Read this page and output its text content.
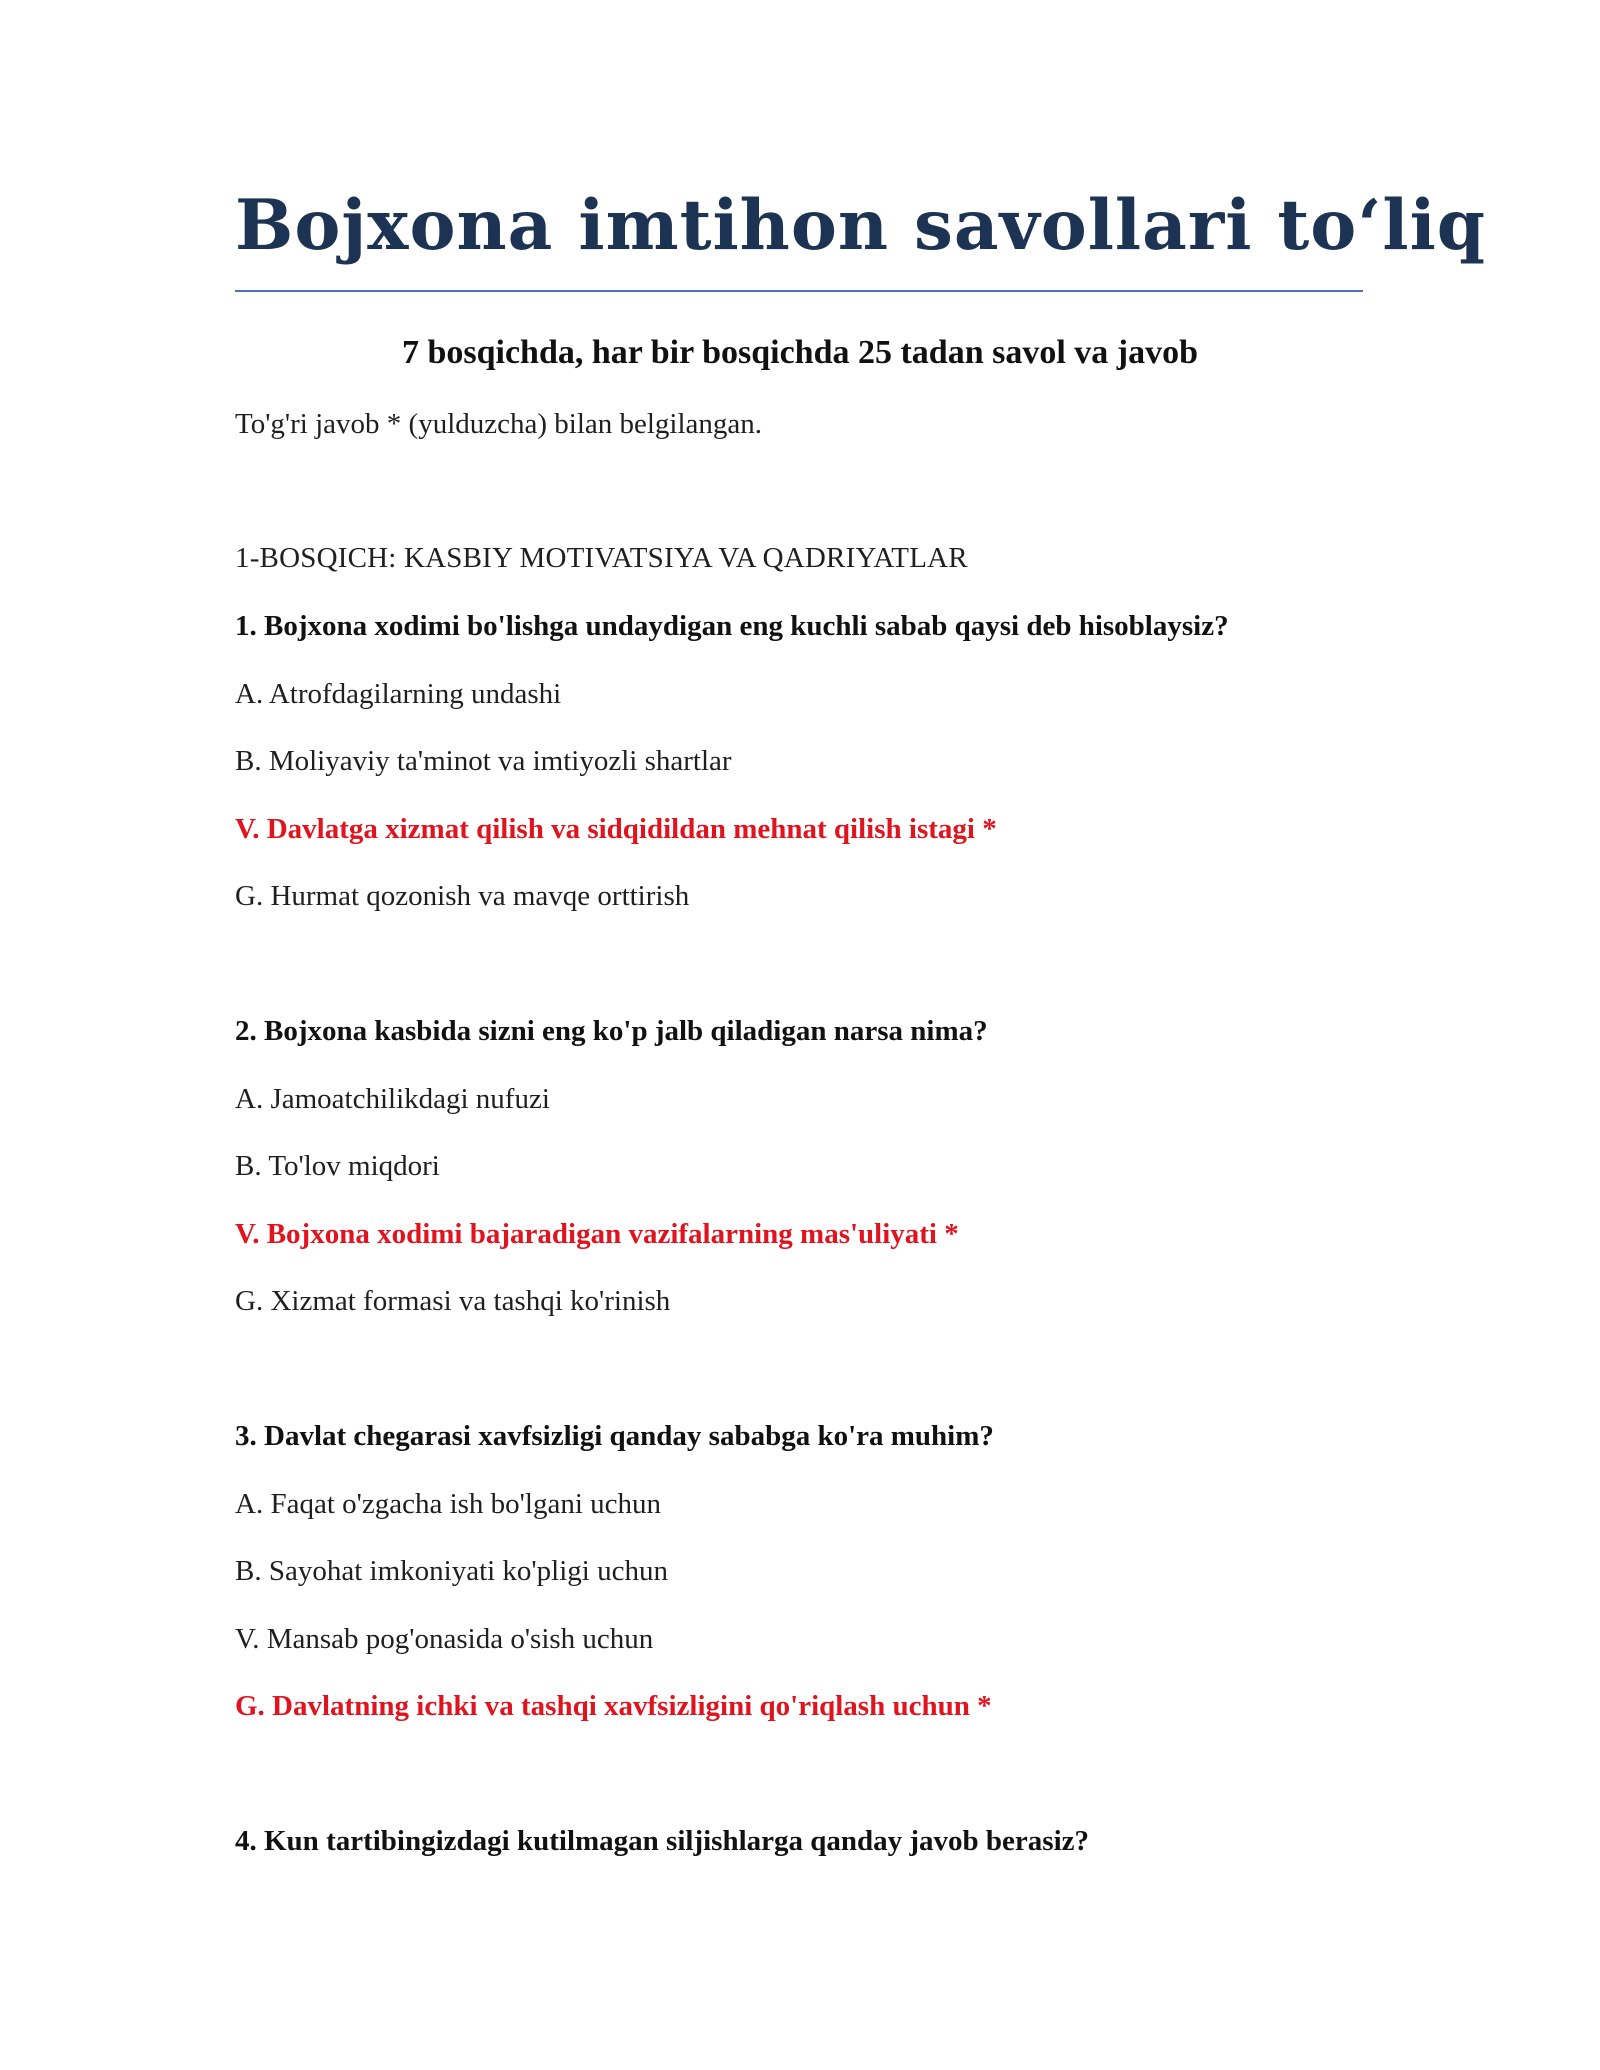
Bojxona imtihon savollari to‘liq

7 bosqichda, har bir bosqichda 25 tadan savol va javob

To'g'ri javob * (yulduzcha) bilan belgilangan.

1-BOSQICH: KASBIY MOTIVATSIYA VA QADRIYATLAR

1. Bojxona xodimi bo'lishga undaydigan eng kuchli sabab qaysi deb hisoblaysiz?

A. Atrofdagilarning undashi

B. Moliyaviy ta'minot va imtiyozli shartlar

V. Davlatga xizmat qilish va sidqidildan mehnat qilish istagi *

G. Hurmat qozonish va mavqe orttirish

2. Bojxona kasbida sizni eng ko'p jalb qiladigan narsa nima?

A. Jamoatchilikdagi nufuzi

B. To'lov miqdori

V. Bojxona xodimi bajaradigan vazifalarning mas'uliyati *

G. Xizmat formasi va tashqi ko'rinish

3. Davlat chegarasi xavfsizligi qanday sababga ko'ra muhim?

A. Faqat o'zgacha ish bo'lgani uchun

B. Sayohat imkoniyati ko'pligi uchun

V. Mansab pog'onasida o'sish uchun

G. Davlatning ichki va tashqi xavfsizligini qo'riqlash uchun *

4. Kun tartibingizdagi kutilmagan siljishlarga qanday javob berasiz?
